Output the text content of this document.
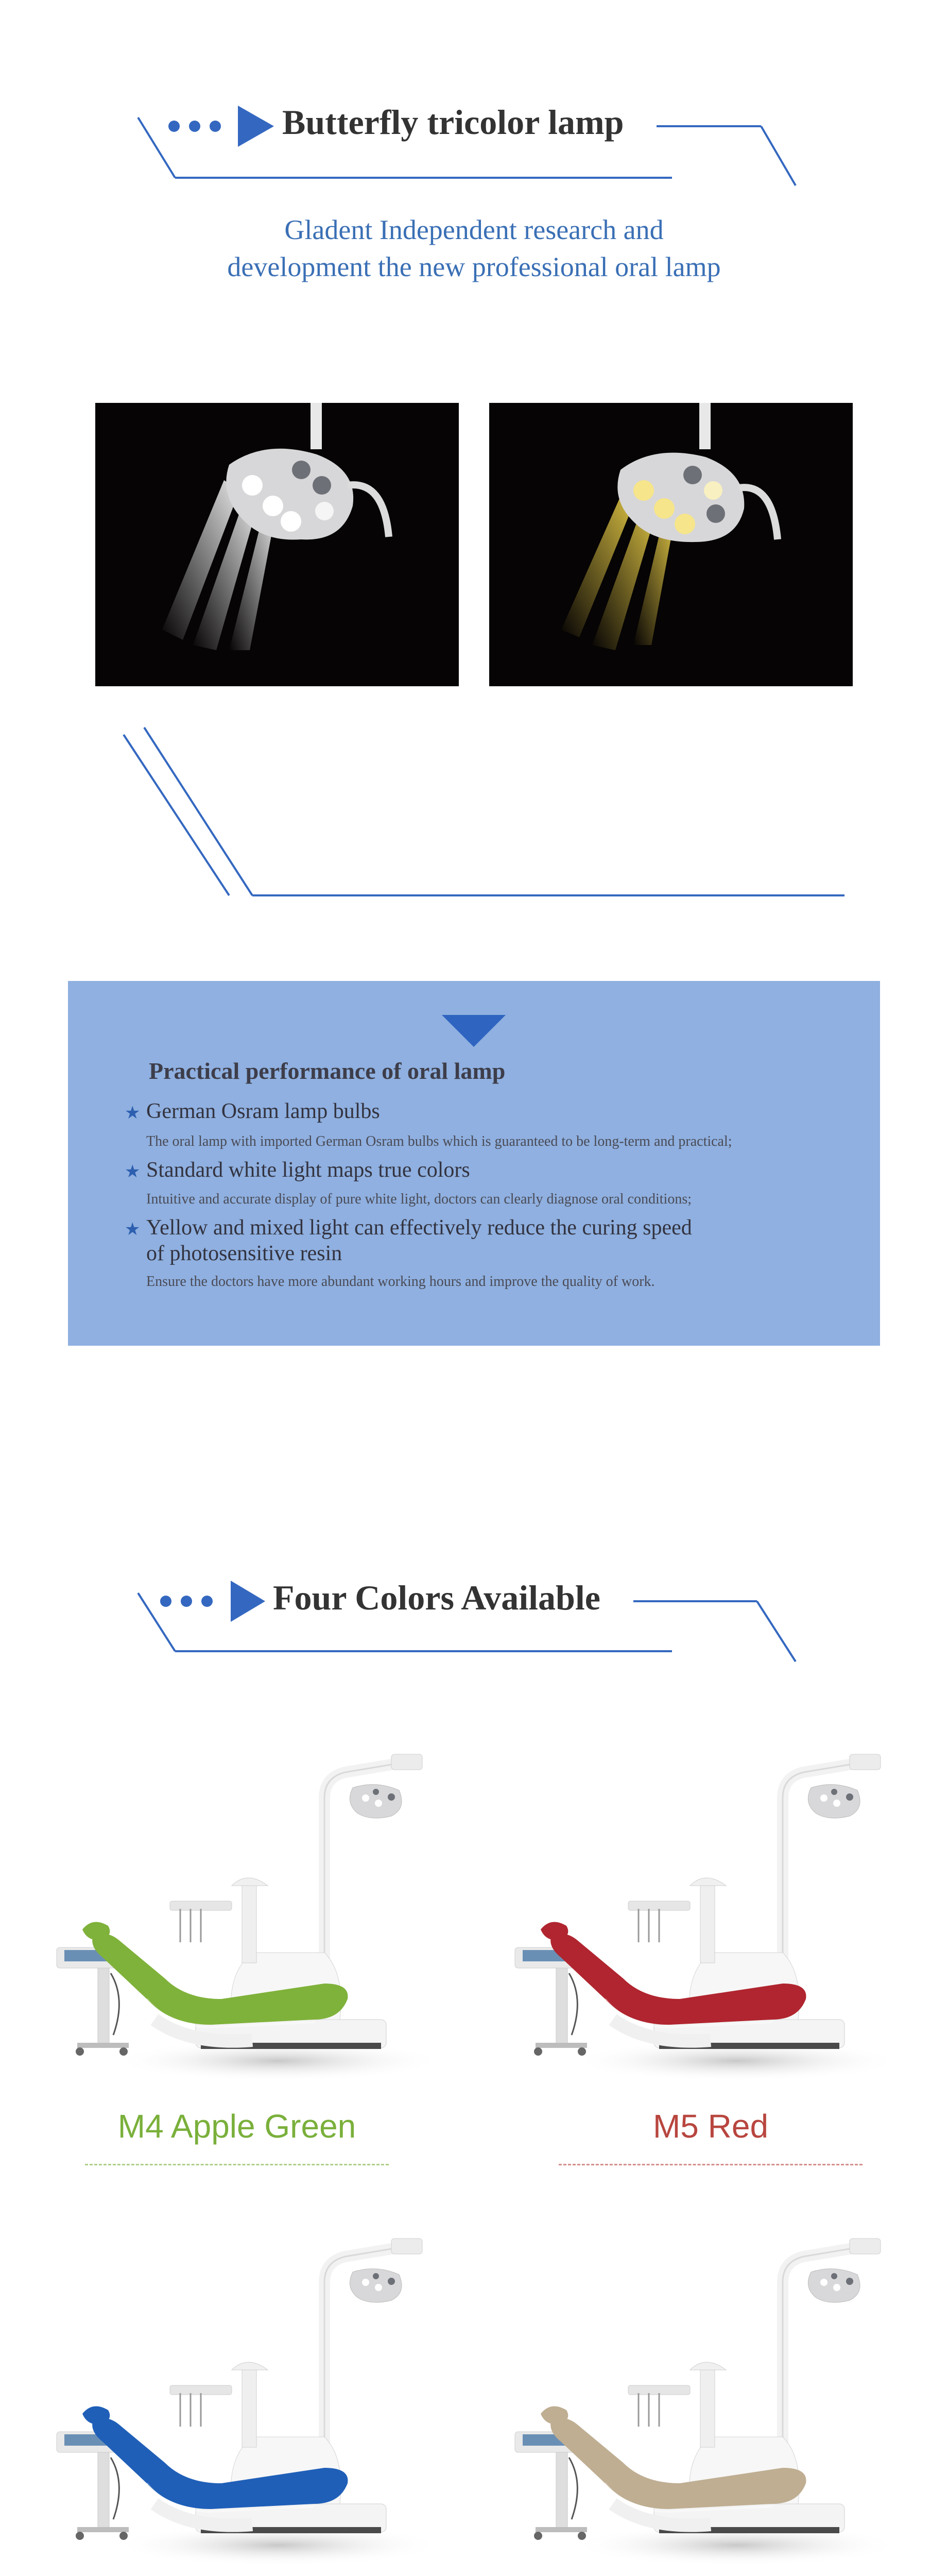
Butterfly tricolor lamp
Gladent Independent research and
development the new professional oral lamp
Practical performance of oral lamp
★ German Osram lamp bulbs
The oral lamp with imported German Osram bulbs which is guaranteed to be long-term and practical;
★ Standard white light maps true colors
Intuitive and accurate display of pure white light, doctors can clearly diagnose oral conditions;
★ Yellow and mixed light can effectively reduce the curing speed
of photosensitive resin
Ensure the doctors have more abundant working hours and improve the quality of work.
Four Colors Available
M4 Apple Green	M5 Red
